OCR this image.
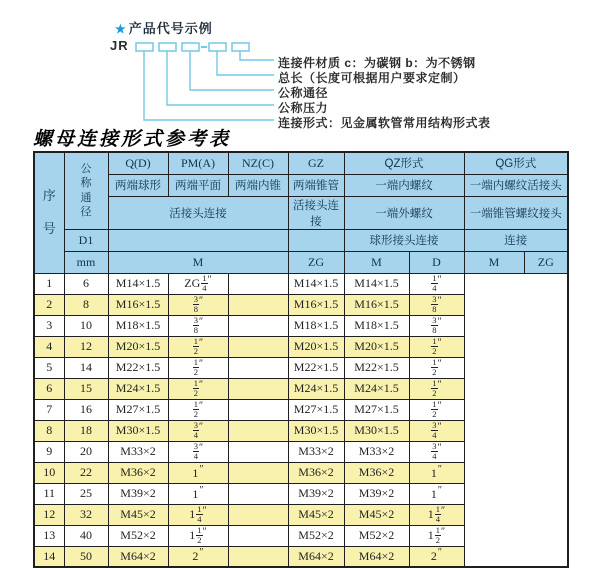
★ 产品代号示例
JR
连接件材质 c：为碳钢 b：为不锈钢
总长（长度可根据用户要求定制）
公称通径
公称压力
连接形式：见金属软管常用结构形式表
螺母连接形式参考表
序号	公称通径	Q(D)	PM(A)	NZ(C)	GZ	QZ形式		QG形式	
		两端球形	两端平面	两端内锥	两端锥管	一端内螺纹		一端内螺纹活接头	
		活接头连接			活接头连接	一端外螺纹		一端锥管螺纹接头	
	D1					球形接头连接		连接	
	mm	M			ZG	M	D	M	ZG
1	6	M14×1.5	ZG $\frac{1}{4} ''$		M14×1.5	M14×1.5	$\frac{1}{4} ''$
2	8	M16×1.5	$\frac{3}{8} ''$		M16×1.5	M16×1.5	$\frac{3}{8} ''$
3	10	M18×1.5	$\frac{3}{8} ''$		M18×1.5	M18×1.5	$\frac{3}{8} ''$
4	12	M20×1.5	$\frac{1}{2} ''$		M20×1.5	M20×1.5	$\frac{1}{2} ''$
5	14	M22×1.5	$\frac{1}{2} ''$		M22×1.5	M22×1.5	$\frac{1}{2} ''$
6	15	M24×1.5	$\frac{1}{2} ''$		M24×1.5	M24×1.5	$\frac{1}{2} ''$
7	16	M27×1.5	$\frac{1}{2} ''$		M27×1.5	M27×1.5	$\frac{1}{2} ''$
8	18	M30×1.5	$\frac{3}{4} ''$		M30×1.5	M30×1.5	$\frac{3}{4} ''$
9	20	M33×2	$\frac{3}{4} ''$		M33×2	M33×2	$\frac{3}{4} ''$
10	22	M36×2	1″		M36×2	M36×2	1″
11	25	M39×2	1″		M39×2	M39×2	1″
12	32	M45×2	$1 \frac{1}{4} ''$		M45×2	M45×2	$1 \frac{1}{4} ''$
13	40	M52×2	$1 \frac{1}{2} ''$		M52×2	M52×2	$1 \frac{1}{2} ''$
14	50	M64×2	2″		M64×2	M64×2	2″
